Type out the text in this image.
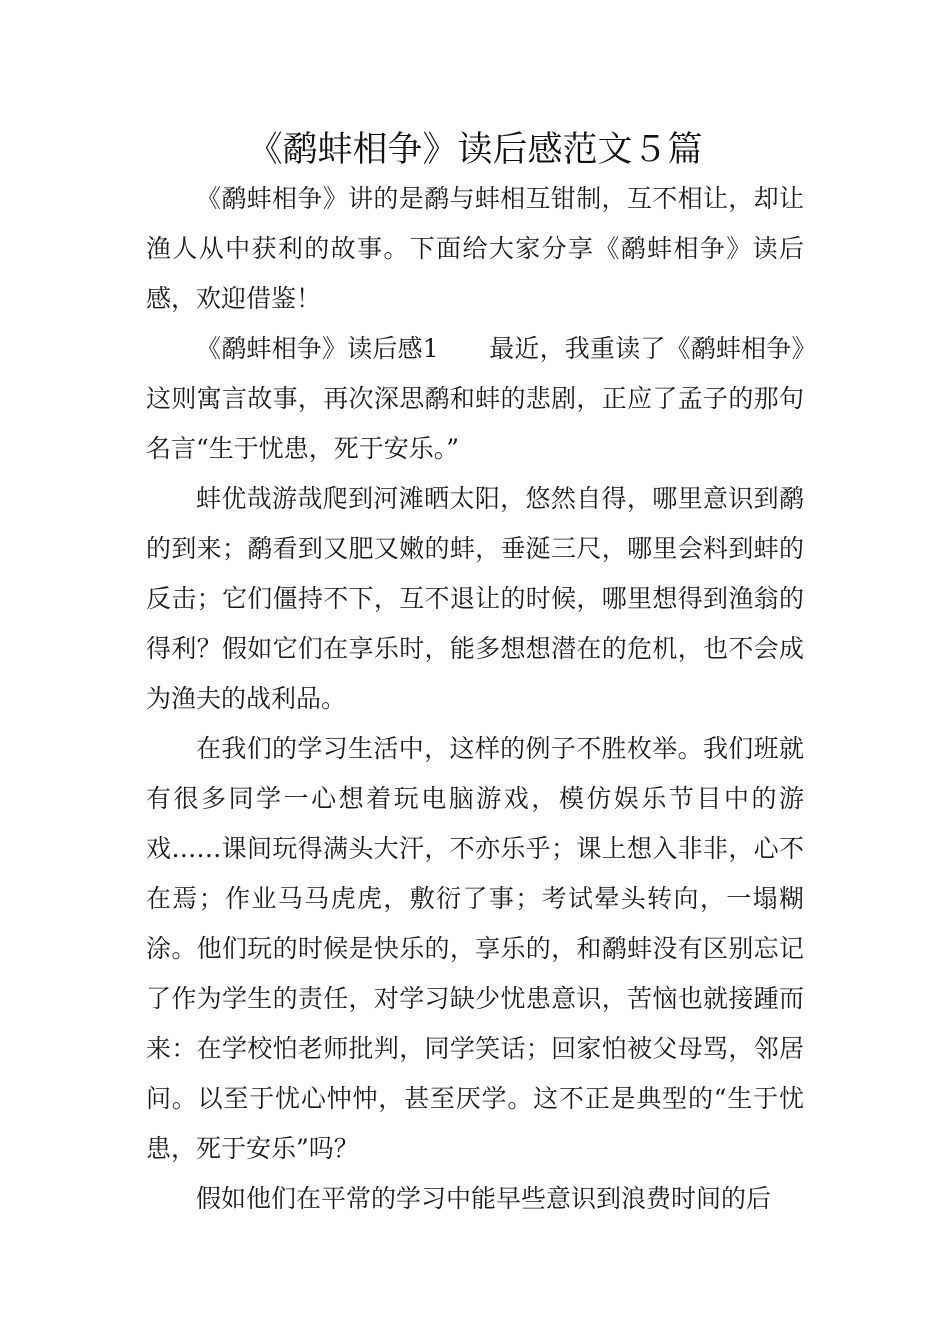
《鹬蚌相争》读后感范文５篇

《鹬蚌相争》讲的是鹬与蚌相互钳制，互不相让，却让渔人从中获利的故事。下面给大家分享《鹬蚌相争》读后感，欢迎借鉴！

《鹬蚌相争》读后感1　　最近，我重读了《鹬蚌相争》这则寓言故事，再次深思鹬和蚌的悲剧，正应了孟子的那句名言“生于忧患，死于安乐。”

蚌优哉游哉爬到河滩晒太阳，悠然自得，哪里意识到鹬的到来；鹬看到又肥又嫩的蚌，垂涎三尺，哪里会料到蚌的反击；它们僵持不下，互不退让的时候，哪里想得到渔翁的得利？假如它们在享乐时，能多想想潜在的危机，也不会成为渔夫的战利品。

在我们的学习生活中，这样的例子不胜枚举。我们班就有很多同学一心想着玩电脑游戏，模仿娱乐节目中的游戏……课间玩得满头大汗，不亦乐乎；课上想入非非，心不在焉；作业马马虎虎，敷衍了事；考试晕头转向，一塌糊涂。他们玩的时候是快乐的，享乐的，和鹬蚌没有区别忘记了作为学生的责任，对学习缺少忧患意识，苦恼也就接踵而来：在学校怕老师批判，同学笑话；回家怕被父母骂，邻居问。以至于忧心忡忡，甚至厌学。这不正是典型的“生于忧患，死于安乐”吗？

假如他们在平常的学习中能早些意识到浪费时间的后
